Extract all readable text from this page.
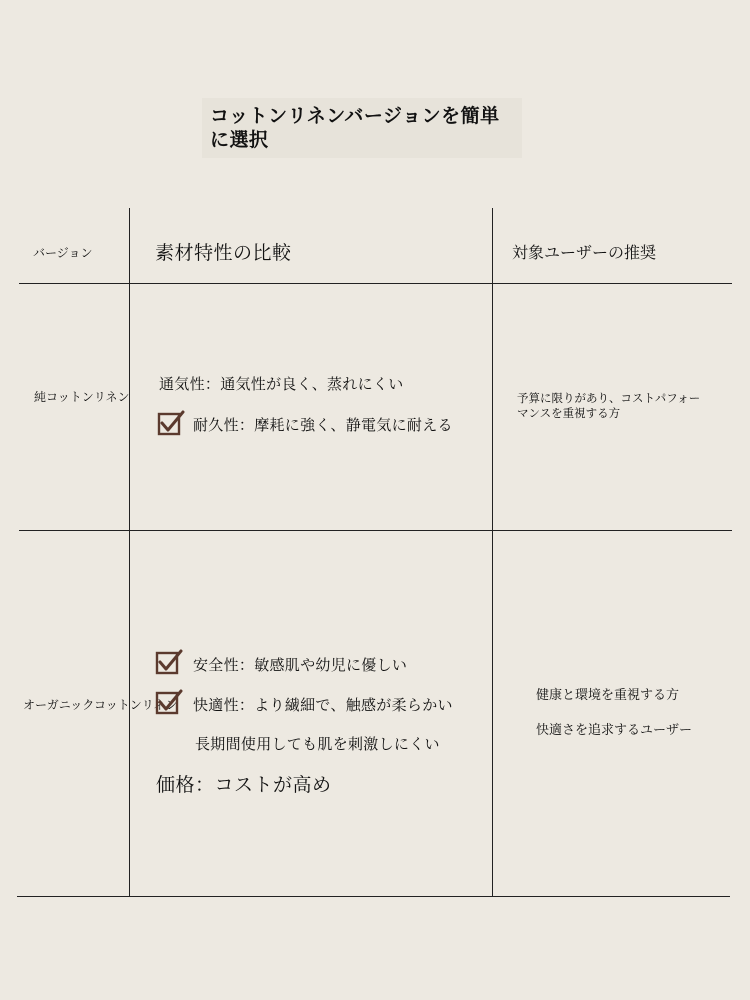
コットンリネンバージョンを簡単
に選択
バージョン	素材特性の比較	対象ユーザーの推奨
純コットンリネン
通気性：通気性が良く、蒸れにくい
耐久性：摩耗に強く、静電気に耐える
予算に限りがあり、コストパフォー
マンスを重視する方
オーガニックコットンリネン
安全性：敏感肌や幼児に優しい
快適性：より繊細で、触感が柔らかい
長期間使用しても肌を刺激しにくい
価格：コストが高め
健康と環境を重視する方
快適さを追求するユーザー
